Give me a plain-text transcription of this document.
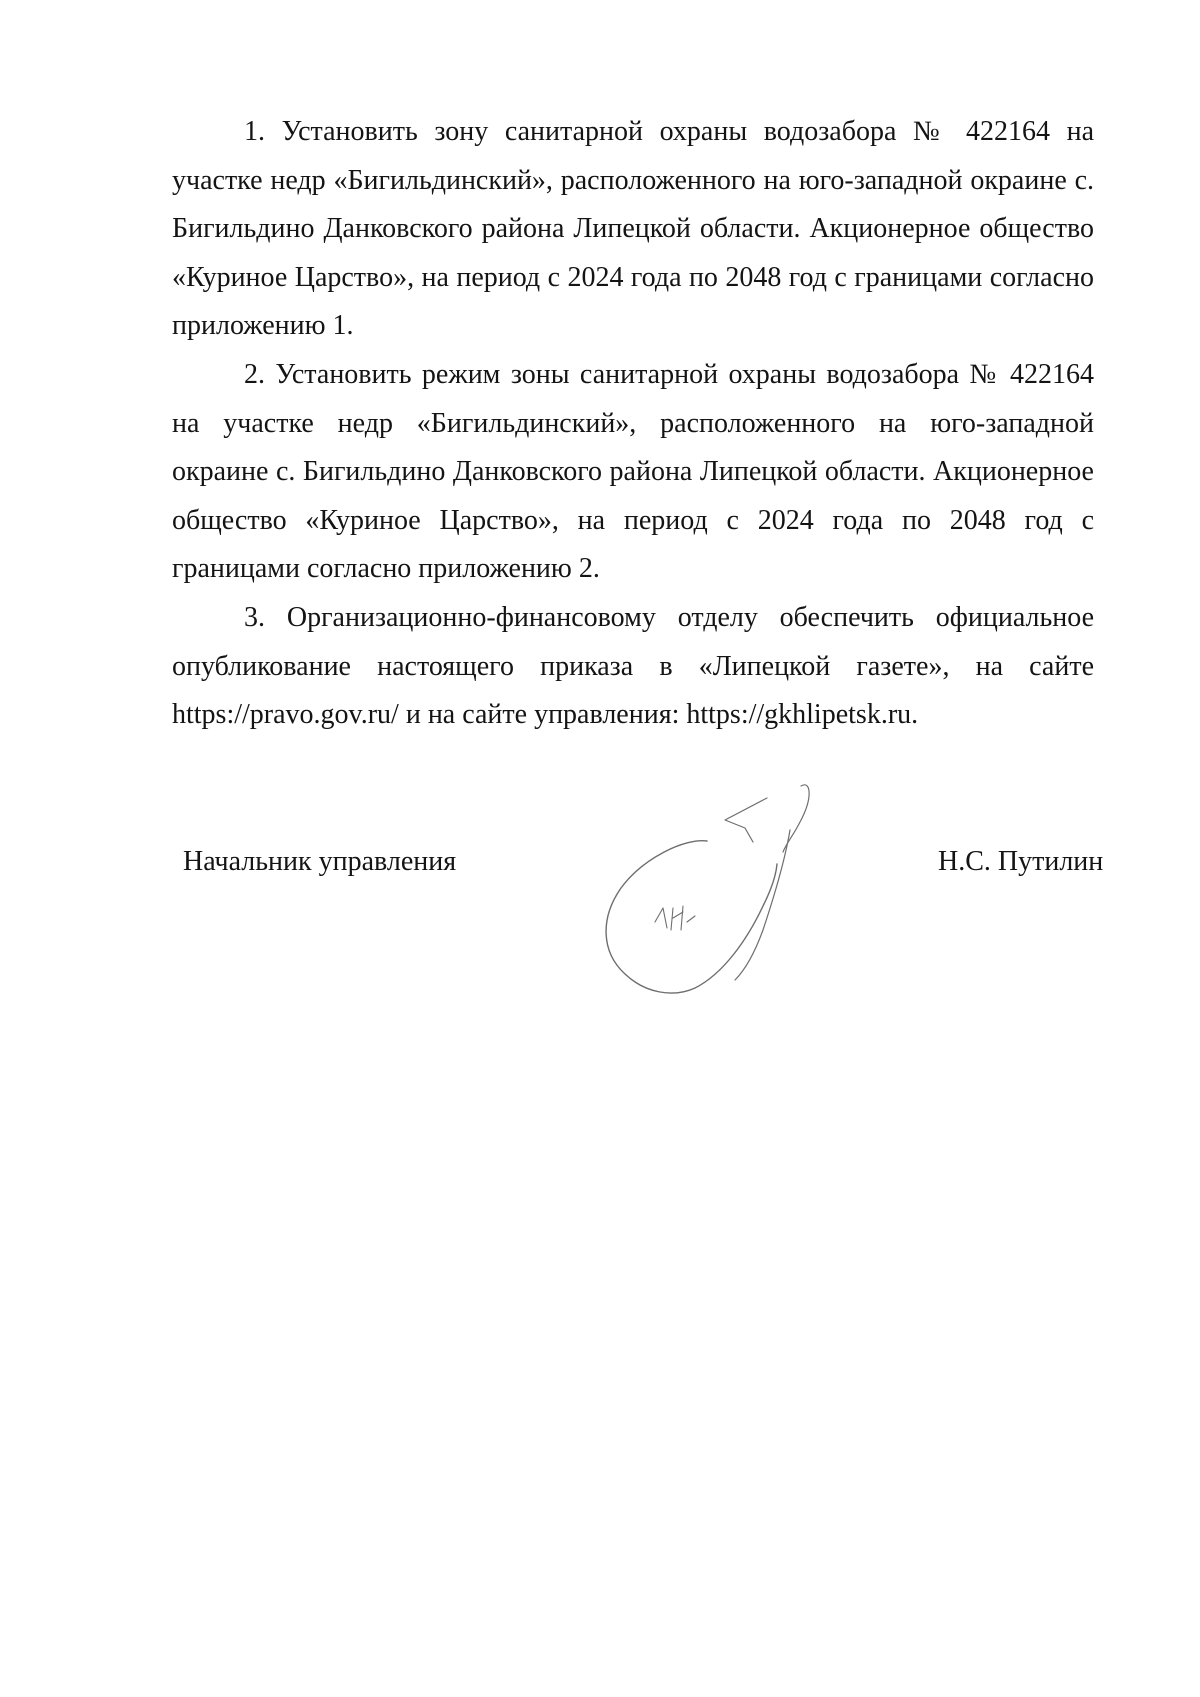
1. Установить зону санитарной охраны водозабора № 422164 на участке недр «Бигильдинский», расположенного на юго-западной окраине с. Бигильдино Данковского района Липецкой области. Акционерное общество «Куриное Царство», на период с 2024 года по 2048 год с границами согласно приложению 1.

2. Установить режим зоны санитарной охраны водозабора № 422164 на участке недр «Бигильдинский», расположенного на юго-западной окраине с. Бигильдино Данковского района Липецкой области. Акционерное общество «Куриное Царство», на период с 2024 года по 2048 год с границами согласно приложению 2.

3. Организационно-финансовому отделу обеспечить официальное опубликование настоящего приказа в «Липецкой газете», на сайте https://pravo.gov.ru/ и на сайте управления: https://gkhlipetsk.ru.

Начальник управления	Н.С. Путилин
